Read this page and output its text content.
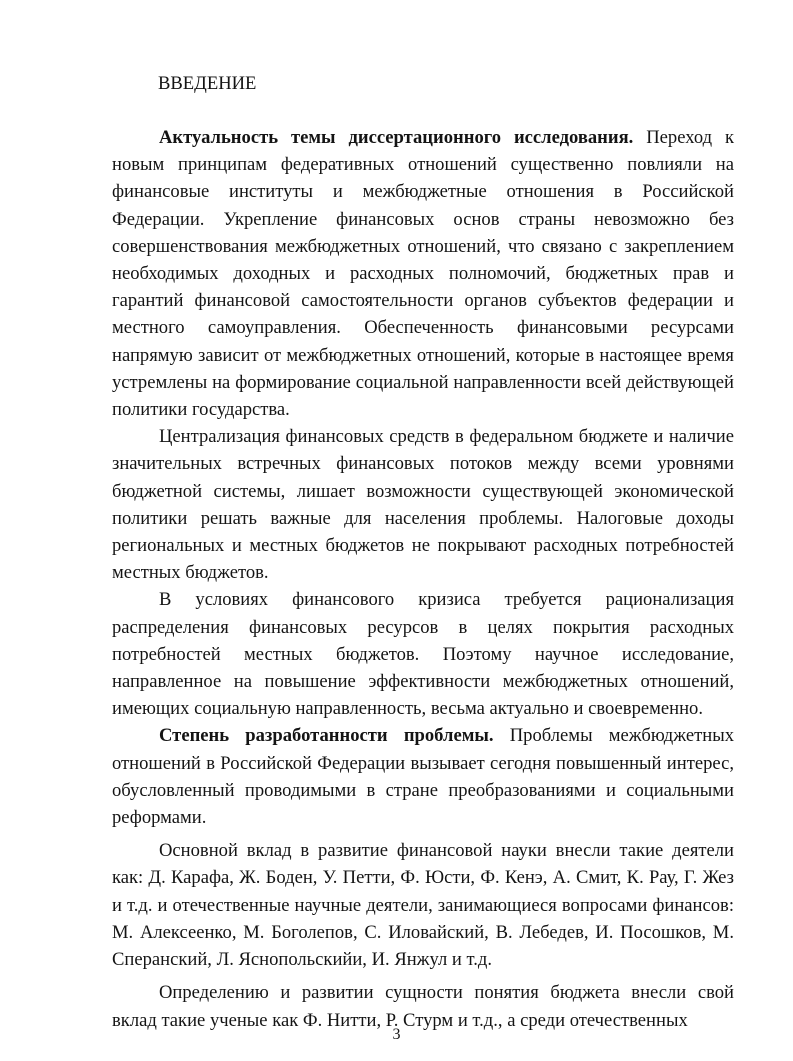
ВВЕДЕНИЕ

Актуальность темы диссертационного исследования. Переход к новым принципам федеративных отношений существенно повлияли на финансовые институты и межбюджетные отношения в Российской Федерации. Укрепление финансовых основ страны невозможно без совершенствования межбюджетных отношений, что связано с закреплением необходимых доходных и расходных полномочий, бюджетных прав и гарантий финансовой самостоятельности органов субъектов федерации и местного самоуправления. Обеспеченность финансовыми ресурсами напрямую зависит от межбюджетных отношений, которые в настоящее время устремлены на формирование социальной направленности всей действующей политики государства.

Централизация финансовых средств в федеральном бюджете и наличие значительных встречных финансовых потоков между всеми уровнями бюджетной системы, лишает возможности существующей экономической политики решать важные для населения проблемы. Налоговые доходы региональных и местных бюджетов не покрывают расходных потребностей местных бюджетов.

В условиях финансового кризиса требуется рационализация распределения финансовых ресурсов в целях покрытия расходных потребностей местных бюджетов. Поэтому научное исследование, направленное на повышение эффективности межбюджетных отношений, имеющих социальную направленность, весьма актуально и своевременно.

Степень разработанности проблемы. Проблемы межбюджетных отношений в Российской Федерации вызывает сегодня повышенный интерес, обусловленный проводимыми в стране преобразованиями и социальными реформами.

Основной вклад в развитие финансовой науки внесли такие деятели как: Д. Карафа, Ж. Боден, У. Петти, Ф. Юсти, Ф. Кенэ, А. Смит, К. Рау, Г. Жез и т.д. и отечественные научные деятели, занимающиеся вопросами финансов: М. Алексеенко, М. Боголепов, С. Иловайский, В. Лебедев, И. Посошков, М. Сперанский, Л. Яснопольскийи, И. Янжул и т.д.

Определению и развитии сущности понятия бюджета внесли свой вклад такие ученые как Ф. Нитти, Р. Стурм и т.д., а среди отечественных

3
